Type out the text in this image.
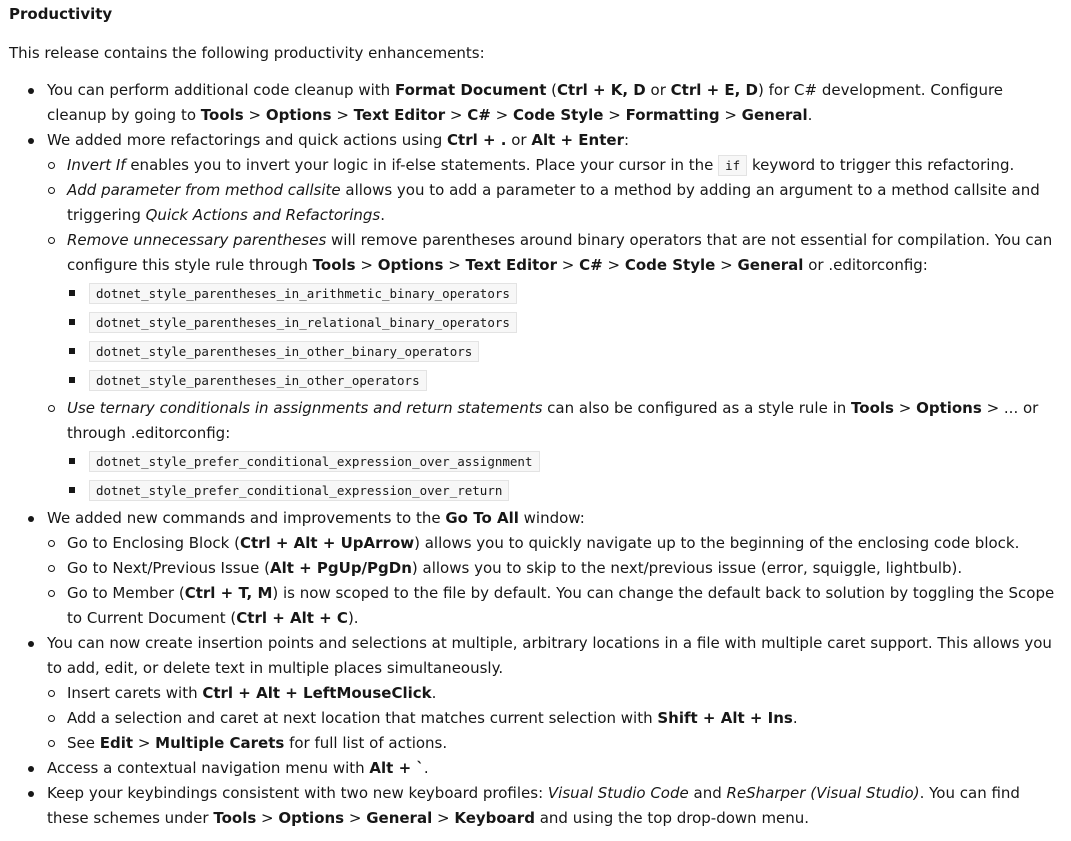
Productivity

This release contains the following productivity enhancements:

You can perform additional code cleanup with Format Document (Ctrl + K, D or Ctrl + E, D) for C# development. Configure cleanup by going to Tools > Options > Text Editor > C# > Code Style > Formatting > General.
We added more refactorings and quick actions using Ctrl + . or Alt + Enter:
Invert If enables you to invert your logic in if-else statements. Place your cursor in the if keyword to trigger this refactoring.
Add parameter from method callsite allows you to add a parameter to a method by adding an argument to a method callsite and triggering Quick Actions and Refactorings.
Remove unnecessary parentheses will remove parentheses around binary operators that are not essential for compilation. You can configure this style rule through Tools > Options > Text Editor > C# > Code Style > General or .editorconfig:
dotnet_style_parentheses_in_arithmetic_binary_operators
dotnet_style_parentheses_in_relational_binary_operators
dotnet_style_parentheses_in_other_binary_operators
dotnet_style_parentheses_in_other_operators
Use ternary conditionals in assignments and return statements can also be configured as a style rule in Tools > Options > ... or through .editorconfig:
dotnet_style_prefer_conditional_expression_over_assignment
dotnet_style_prefer_conditional_expression_over_return
We added new commands and improvements to the Go To All window:
Go to Enclosing Block (Ctrl + Alt + UpArrow) allows you to quickly navigate up to the beginning of the enclosing code block.
Go to Next/Previous Issue (Alt + PgUp/PgDn) allows you to skip to the next/previous issue (error, squiggle, lightbulb).
Go to Member (Ctrl + T, M) is now scoped to the file by default. You can change the default back to solution by toggling the Scope to Current Document (Ctrl + Alt + C).
You can now create insertion points and selections at multiple, arbitrary locations in a file with multiple caret support. This allows you to add, edit, or delete text in multiple places simultaneously.
Insert carets with Ctrl + Alt + LeftMouseClick.
Add a selection and caret at next location that matches current selection with Shift + Alt + Ins.
See Edit > Multiple Carets for full list of actions.
Access a contextual navigation menu with Alt + `.
Keep your keybindings consistent with two new keyboard profiles: Visual Studio Code and ReSharper (Visual Studio). You can find these schemes under Tools > Options > General > Keyboard and using the top drop-down menu.
